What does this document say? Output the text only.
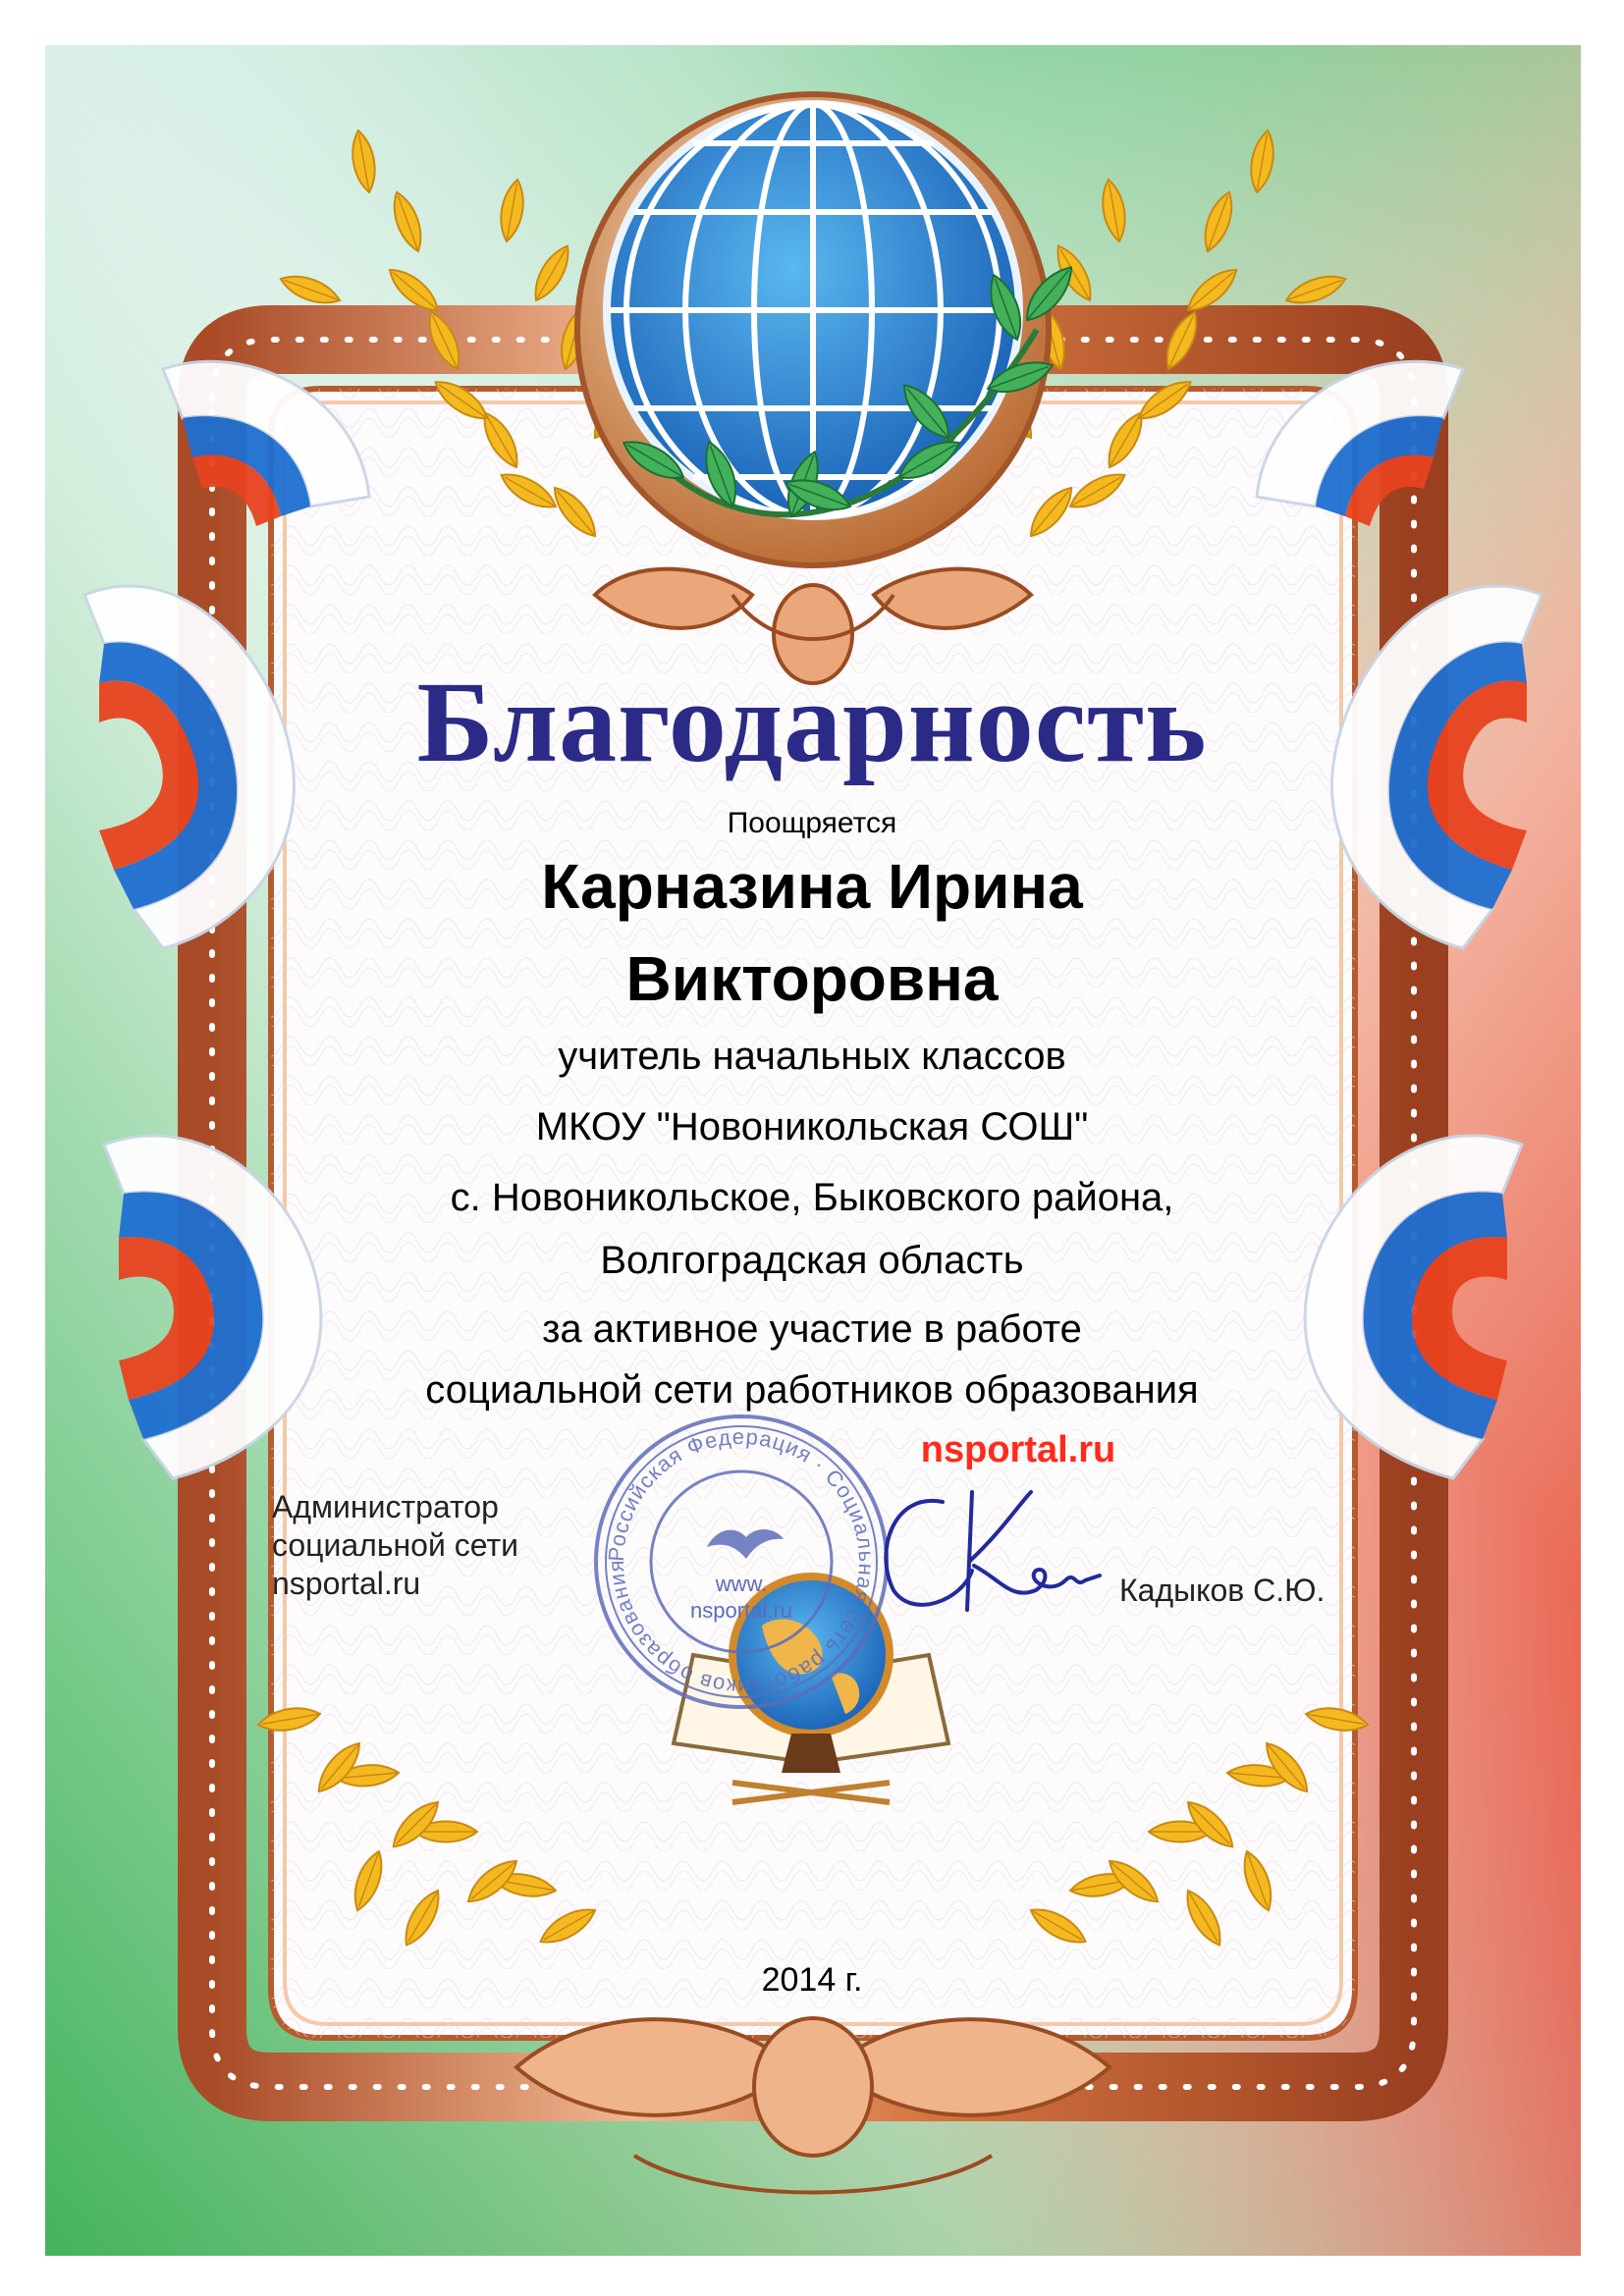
Благодарность
Поощряется
Карназина Ирина
Викторовна
учитель начальных классов
МКОУ "Новоникольская СОШ"
с. Новоникольское, Быковского района,
Волгоградская область
за активное участие в работе
социальной сети работников образования
Российская Федерация · Социальная сеть работников образования
www.
nsportal.ru
nsportal.ru
Администратор
социальной сети
nsportal.ru	Кадыков С.Ю.
2014 г.
